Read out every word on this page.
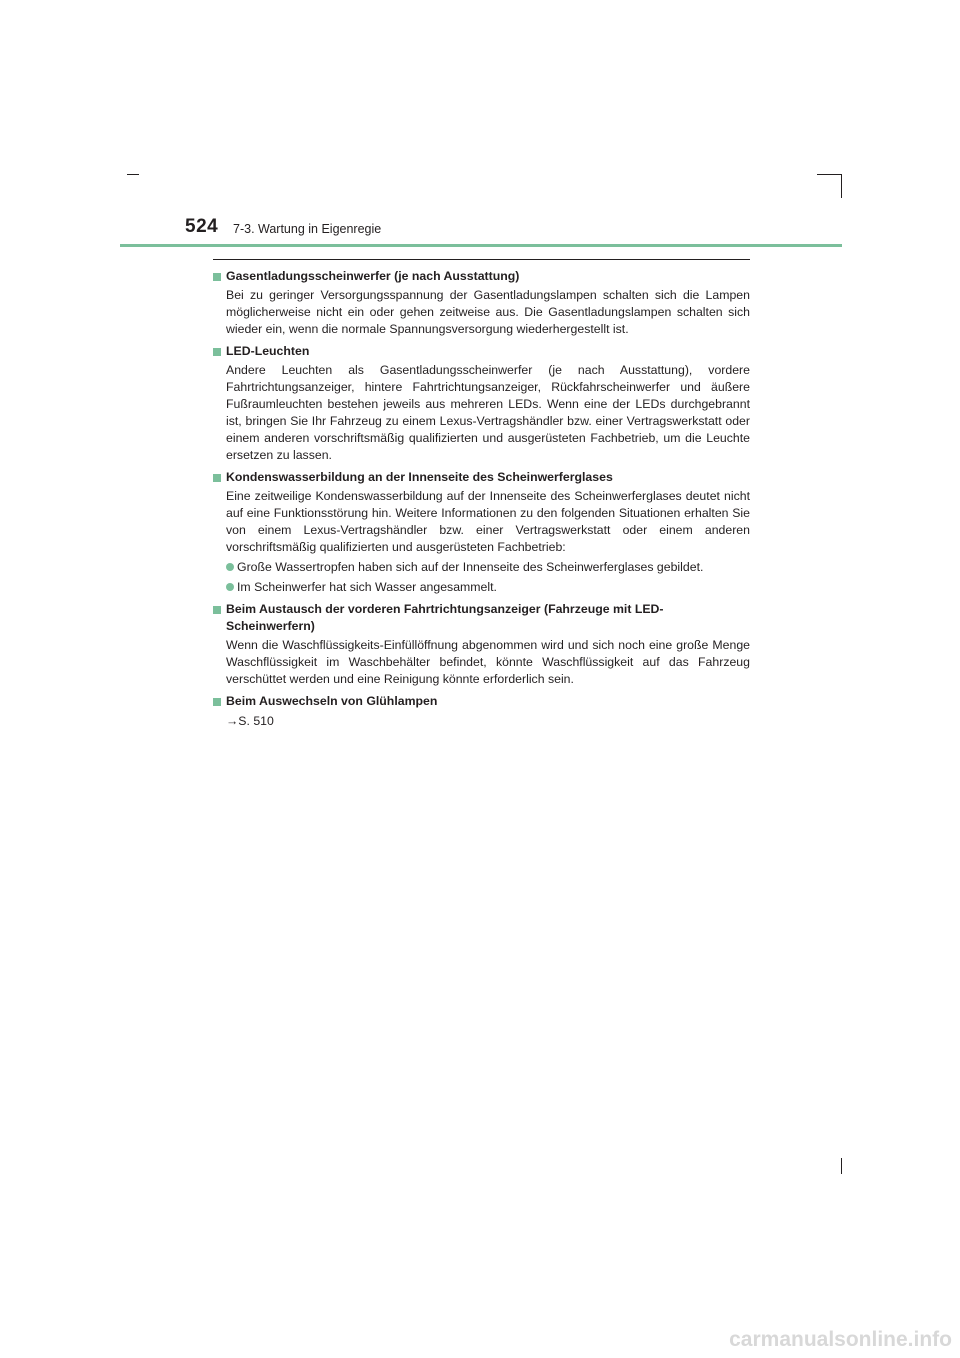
524 7-3. Wartung in Eigenregie
Gasentladungsscheinwerfer (je nach Ausstattung)
Bei zu geringer Versorgungsspannung der Gasentladungslampen schalten sich die Lampen möglicherweise nicht ein oder gehen zeitweise aus. Die Gasentladungslampen schalten sich wieder ein, wenn die normale Spannungsversorgung wiederhergestellt ist.
LED-Leuchten
Andere Leuchten als Gasentladungsscheinwerfer (je nach Ausstattung), vordere Fahrtrichtungsanzeiger, hintere Fahrtrichtungsanzeiger, Rückfahrscheinwerfer und äußere Fußraumleuchten bestehen jeweils aus mehreren LEDs. Wenn eine der LEDs durchgebrannt ist, bringen Sie Ihr Fahrzeug zu einem Lexus-Vertragshändler bzw. einer Vertragswerkstatt oder einem anderen vorschriftsmäßig qualifizierten und ausgerüsteten Fachbetrieb, um die Leuchte ersetzen zu lassen.
Kondenswasserbildung an der Innenseite des Scheinwerferglases
Eine zeitweilige Kondenswasserbildung auf der Innenseite des Scheinwerferglases deutet nicht auf eine Funktionsstörung hin. Weitere Informationen zu den folgenden Situationen erhalten Sie von einem Lexus-Vertragshändler bzw. einer Vertragswerkstatt oder einem anderen vorschriftsmäßig qualifizierten und ausgerüsteten Fachbetrieb:
Große Wassertropfen haben sich auf der Innenseite des Scheinwerferglases gebildet.
Im Scheinwerfer hat sich Wasser angesammelt.
Beim Austausch der vorderen Fahrtrichtungsanzeiger (Fahrzeuge mit LED-Scheinwerfern)
Wenn die Waschflüssigkeits-Einfüllöffnung abgenommen wird und sich noch eine große Menge Waschflüssigkeit im Waschbehälter befindet, könnte Waschflüssigkeit auf das Fahrzeug verschüttet werden und eine Reinigung könnte erforderlich sein.
Beim Auswechseln von Glühlampen
→S. 510
carmanualsonline.info
